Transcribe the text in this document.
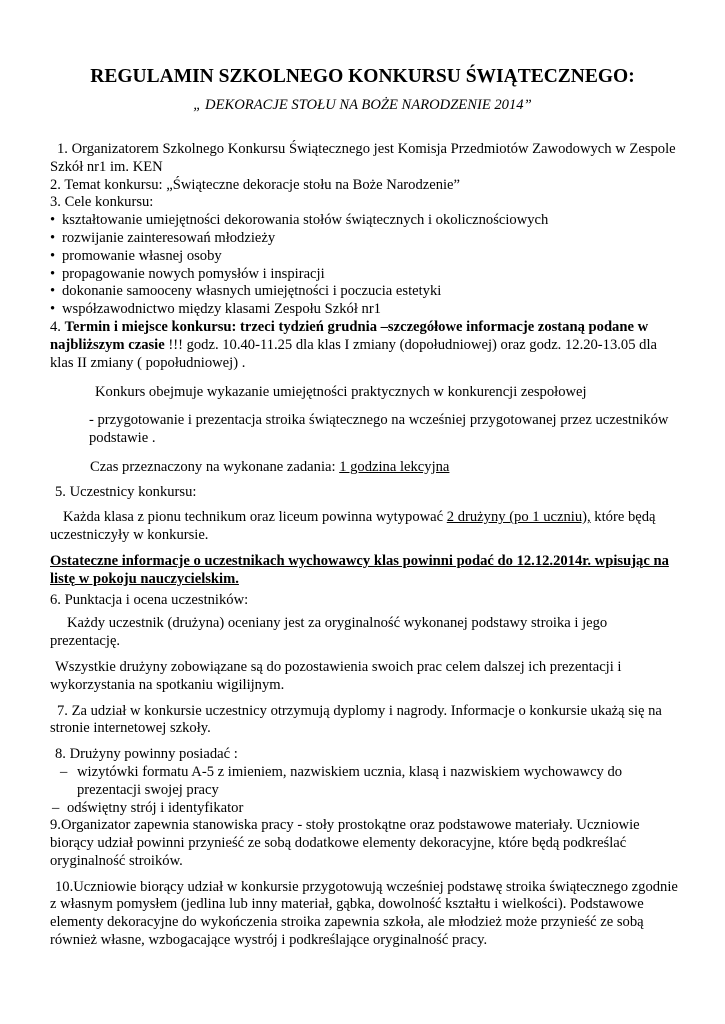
REGULAMIN SZKOLNEGO KONKURSU ŚWIĄTECZNEGO:
„ DEKORACJE STOŁU NA BOŻE NARODZENIE 2014”

1. Organizatorem Szkolnego Konkursu Świątecznego jest Komisja Przedmiotów Zawodowych w Zespole Szkół nr1 im. KEN

2. Temat konkursu: „Świąteczne dekoracje stołu na Boże Narodzenie”

3. Cele konkursu:

• kształtowanie umiejętności dekorowania stołów świątecznych i okolicznościowych
• rozwijanie zainteresowań młodzieży
• promowanie własnej osoby
• propagowanie nowych pomysłów i inspiracji
• dokonanie samooceny własnych umiejętności i poczucia estetyki
• współzawodnictwo między klasami Zespołu Szkół nr1

4. Termin i miejsce konkursu: trzeci tydzień grudnia –szczegółowe informacje zostaną podane w najbliższym czasie !!! godz. 10.40-11.25 dla klas I zmiany (dopołudniowej) oraz godz. 12.20-13.05 dla klas II zmiany ( popołudniowej) .

Konkurs obejmuje wykazanie umiejętności praktycznych w konkurencji zespołowej

- przygotowanie i prezentacja stroika świątecznego na wcześniej przygotowanej przez uczestników podstawie .

Czas przeznaczony na wykonane zadania: 1 godzina lekcyjna

5. Uczestnicy konkursu:

Każda klasa z pionu technikum oraz liceum powinna wytypować 2 drużyny (po 1 uczniu), które będą uczestniczyły w konkursie.

Ostateczne informacje o uczestnikach wychowawcy klas powinni podać do 12.12.2014r. wpisując na listę w pokoju nauczycielskim.

6. Punktacja i ocena uczestników:

Każdy uczestnik (drużyna) oceniany jest za oryginalność wykonanej podstawy stroika i jego prezentację.

Wszystkie drużyny zobowiązane są do pozostawienia swoich prac celem dalszej ich prezentacji i wykorzystania na spotkaniu wigilijnym.

7. Za udział w konkursie uczestnicy otrzymują dyplomy i nagrody. Informacje o konkursie ukażą się na stronie internetowej szkoły.

8. Drużyny powinny posiadać :

– wizytówki formatu A-5 z imieniem, nazwiskiem ucznia, klasą i nazwiskiem wychowawcy do prezentacji swojej pracy
– odświętny strój i identyfikator

9.Organizator zapewnia stanowiska pracy - stoły prostokątne oraz podstawowe materiały. Uczniowie biorący udział powinni przynieść ze sobą dodatkowe elementy dekoracyjne, które będą podkreślać oryginalność stroików.

10.Uczniowie biorący udział w konkursie przygotowują wcześniej podstawę stroika świątecznego zgodnie z własnym pomysłem (jedlina lub inny materiał, gąbka, dowolność kształtu i wielkości). Podstawowe elementy dekoracyjne do wykończenia stroika zapewnia szkoła, ale młodzież może przynieść ze sobą również własne, wzbogacające wystrój i podkreślające oryginalność pracy.
